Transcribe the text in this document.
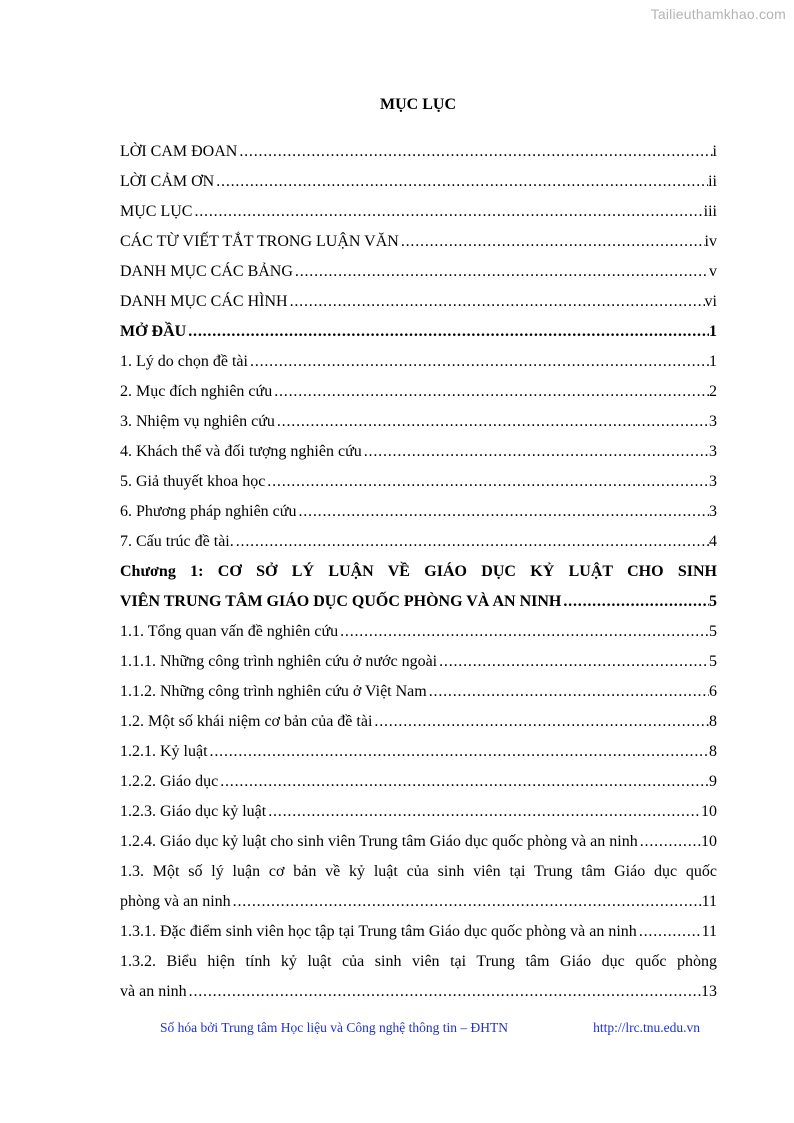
Tailieuthamkhao.com
MỤC LỤC
LỜI CAM ĐOAN . . .	i
LỜI CẢM ƠN . . .	ii
MỤC LỤC . . .	iii
CÁC TỪ VIẾT TẮT TRONG LUẬN VĂN . . .	iv
DANH MỤC CÁC BẢNG . . .	v
DANH MỤC CÁC HÌNH . . .	vi
MỞ ĐẦU . . .	1
1. Lý do chọn đề tài . . .	1
2. Mục đích nghiên cứu . . .	2
3. Nhiệm vụ nghiên cứu . . .	3
4. Khách thể và đối tượng nghiên cứu . . .	3
5. Giả thuyết khoa học . . .	3
6. Phương pháp nghiên cứu . . .	3
7. Cấu trúc đề tài. . . .	4
Chương 1: CƠ SỞ LÝ LUẬN VỀ GIÁO DỤC KỶ LUẬT CHO SINH
VIÊN TRUNG TÂM GIÁO DỤC QUỐC PHÒNG VÀ AN NINH . . .	5
1.1. Tổng quan vấn đề nghiên cứu . . .	5
1.1.1. Những công trình nghiên cứu ở nước ngoài . . .	5
1.1.2. Những công trình nghiên cứu ở Việt Nam . . .	6
1.2. Một số khái niệm cơ bản của đề tài . . .	8
1.2.1. Kỷ luật . . .	8
1.2.2. Giáo dục . . .	9
1.2.3. Giáo dục kỷ luật . . .	10
1.2.4. Giáo dục kỷ luật cho sinh viên Trung tâm Giáo dục quốc phòng và an ninh . . .	10
1.3. Một số lý luận cơ bản về kỷ luật của sinh viên tại Trung tâm Giáo dục quốc
phòng và an ninh . . .	11
1.3.1. Đặc điểm sinh viên học tập tại Trung tâm Giáo dục quốc phòng và an ninh . . .	11
1.3.2. Biểu hiện tính kỷ luật của sinh viên tại Trung tâm Giáo dục quốc phòng
và an ninh . . .	13
Số hóa bởi Trung tâm Học liệu và Công nghệ thông tin – ĐHTN	http://lrc.tnu.edu.vn
